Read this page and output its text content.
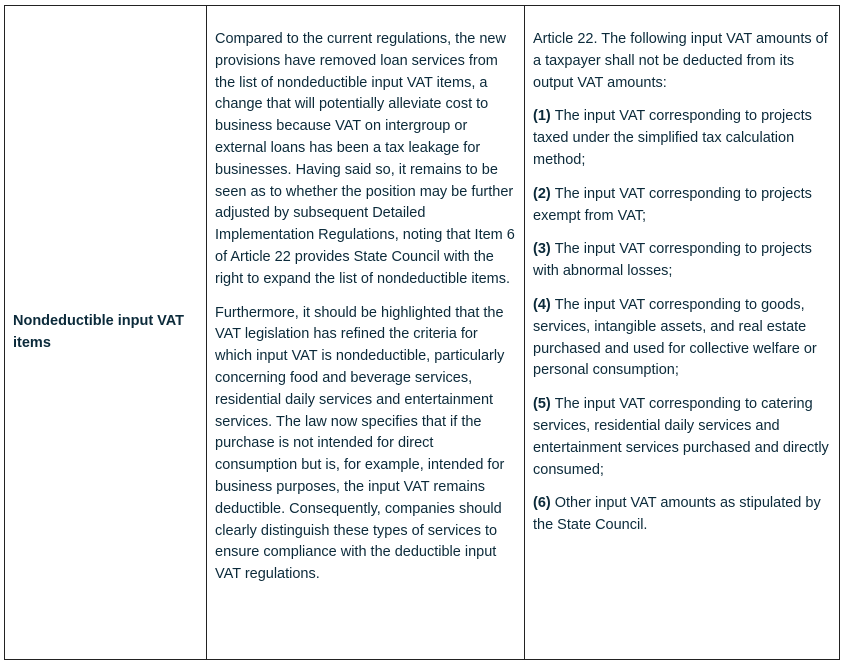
Nondeductible input VAT items

Compared to the current regulations, the new provisions have removed loan services from the list of nondeductible input VAT items, a change that will potentially alleviate cost to business because VAT on intergroup or external loans has been a tax leakage for businesses. Having said so, it remains to be seen as to whether the position may be further adjusted by subsequent Detailed Implementation Regulations, noting that Item 6 of Article 22 provides State Council with the right to expand the list of nondeductible items.

Furthermore, it should be highlighted that the VAT legislation has refined the criteria for which input VAT is nondeductible, particularly concerning food and beverage services, residential daily services and entertainment services. The law now specifies that if the purchase is not intended for direct consumption but is, for example, intended for business purposes, the input VAT remains deductible. Consequently, companies should clearly distinguish these types of services to ensure compliance with the deductible input VAT regulations.

Article 22. The following input VAT amounts of a taxpayer shall not be deducted from its output VAT amounts:

(1) The input VAT corresponding to projects taxed under the simplified tax calculation method;

(2) The input VAT corresponding to projects exempt from VAT;

(3) The input VAT corresponding to projects with abnormal losses;

(4) The input VAT corresponding to goods, services, intangible assets, and real estate purchased and used for collective welfare or personal consumption;

(5) The input VAT corresponding to catering services, residential daily services and entertainment services purchased and directly consumed;

(6) Other input VAT amounts as stipulated by the State Council.
